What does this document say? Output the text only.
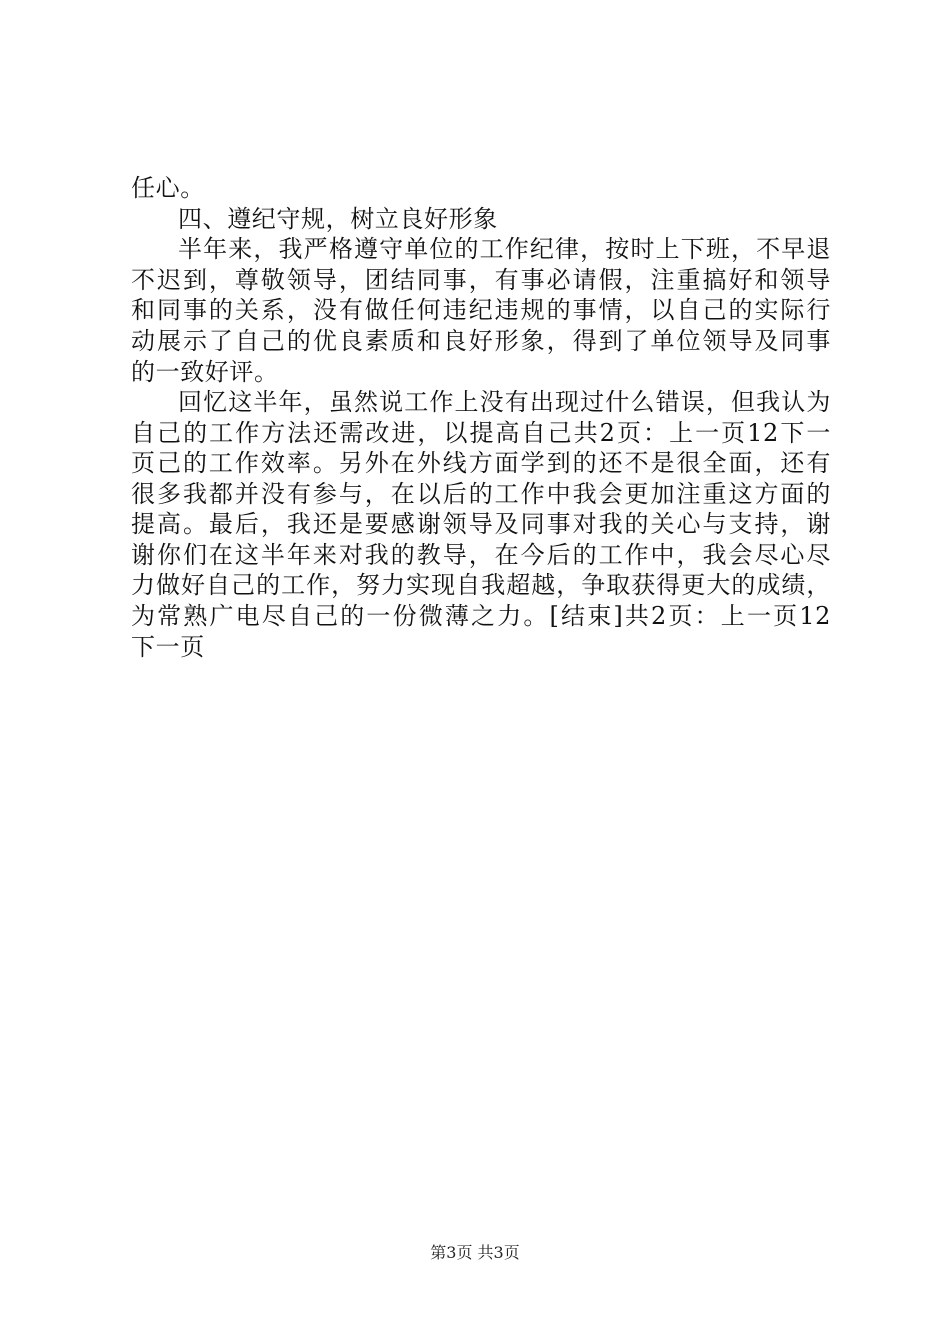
任心。
四、遵纪守规，树立良好形象
半年来，我严格遵守单位的工作纪律，按时上下班，不早退
不迟到，尊敬领导，团结同事，有事必请假，注重搞好和领导
和同事的关系，没有做任何违纪违规的事情，以自己的实际行
动展示了自己的优良素质和良好形象，得到了单位领导及同事
的一致好评。
回忆这半年，虽然说工作上没有出现过什么错误，但我认为
自己的工作方法还需改进，以提高自己共2页：上一页12下一
页己的工作效率。另外在外线方面学到的还不是很全面，还有
很多我都并没有参与，在以后的工作中我会更加注重这方面的
提高。最后，我还是要感谢领导及同事对我的关心与支持，谢
谢你们在这半年来对我的教导，在今后的工作中，我会尽心尽
力做好自己的工作，努力实现自我超越，争取获得更大的成绩，
为常熟广电尽自己的一份微薄之力。[结束]共2页：上一页12
下一页
第3页 共3页
